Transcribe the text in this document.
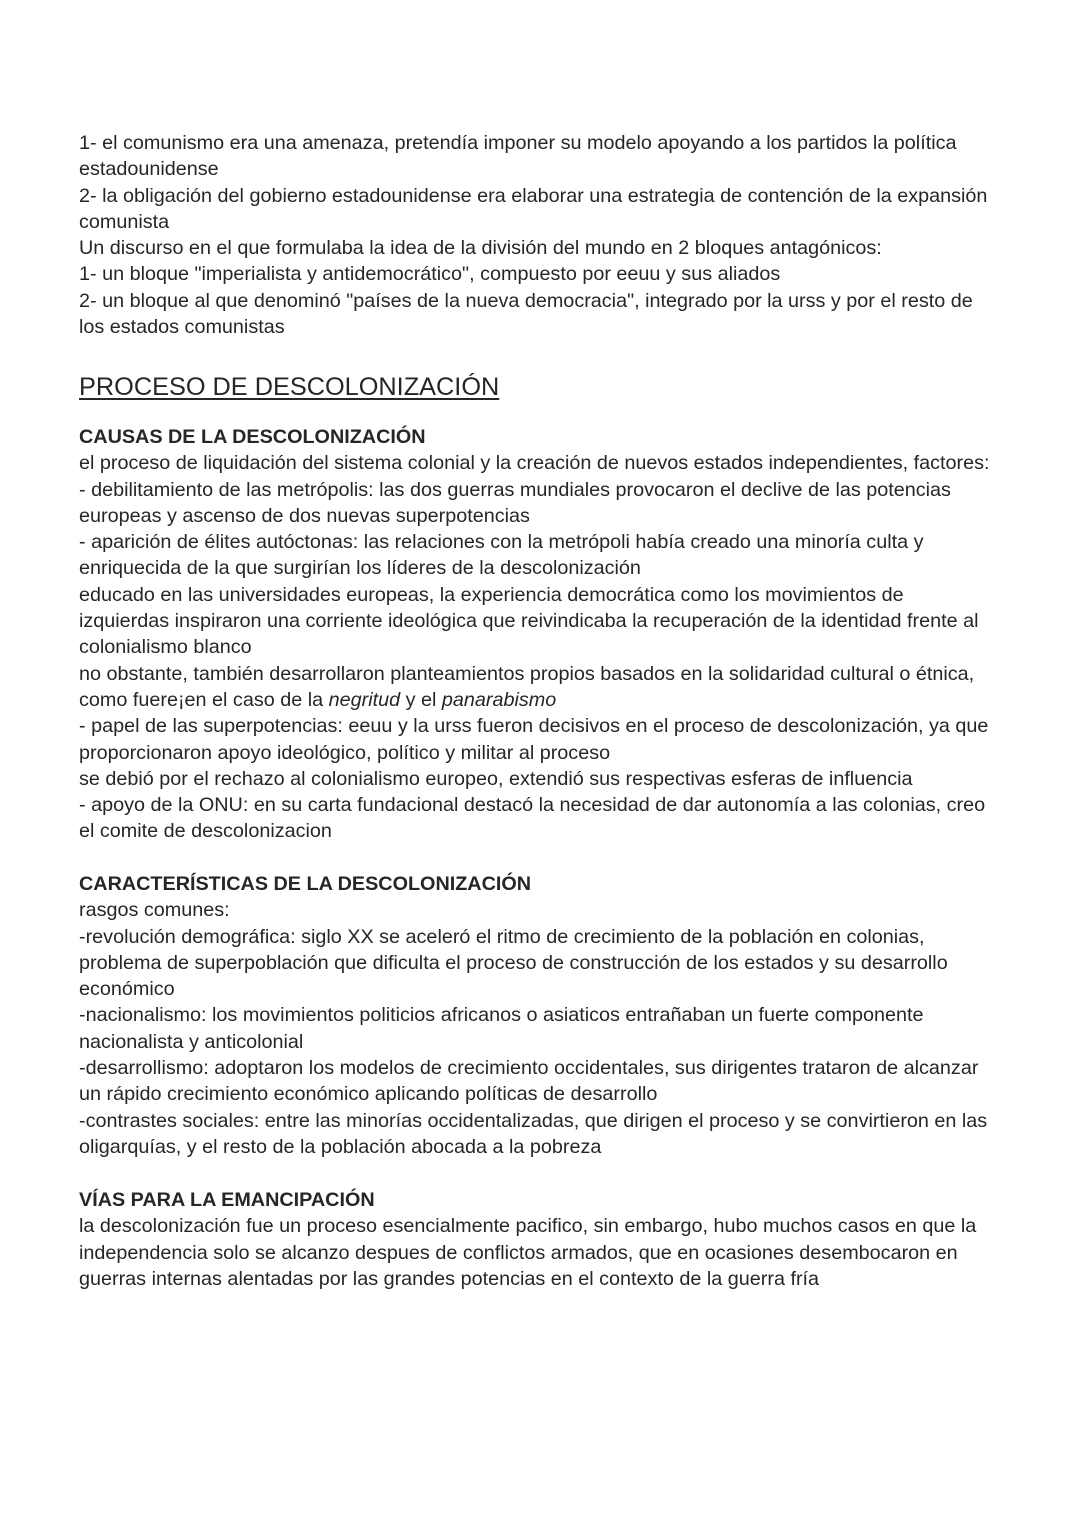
1- el comunismo era una amenaza, pretendía imponer su modelo apoyando a los partidos la política
estadounidense
2- la obligación del gobierno estadounidense era elaborar una estrategia de contención de la expansión
comunista
Un discurso en el que formulaba la idea de la división del mundo en 2 bloques antagónicos:
1- un bloque "imperialista y antidemocrático", compuesto por eeuu y sus aliados
2- un bloque al que denominó "países de la nueva democracia", integrado por la urss y por el resto de
los estados comunistas
PROCESO DE DESCOLONIZACIÓN
CAUSAS DE LA DESCOLONIZACIÓN
el proceso de liquidación del sistema colonial y la creación de nuevos estados independientes, factores:
- debilitamiento de las metrópolis: las dos guerras mundiales provocaron el declive de las potencias
europeas y ascenso de dos nuevas superpotencias
- aparición de élites autóctonas: las relaciones con la metrópoli había creado una minoría culta y
enriquecida de la que surgirían los líderes de la descolonización
educado en las universidades europeas, la experiencia democrática como los movimientos de
izquierdas inspiraron una corriente ideológica que reivindicaba la recuperación de la identidad frente al
colonialismo blanco
no obstante, también desarrollaron planteamientos propios basados en la solidaridad cultural o étnica,
como fuere¡en el caso de la negritud y el panarabismo
- papel de las superpotencias: eeuu y la urss fueron decisivos en el proceso de descolonización, ya que
proporcionaron apoyo ideológico, político y militar al proceso
se debió por el rechazo al colonialismo europeo, extendió sus respectivas esferas de influencia
- apoyo de la ONU: en su carta fundacional destacó la necesidad de dar autonomía a las colonias, creo
el comite de descolonizacion
CARACTERÍSTICAS DE LA DESCOLONIZACIÓN
rasgos comunes:
-revolución demográfica: siglo XX se aceleró el ritmo de crecimiento de la población en colonias,
problema de superpoblación que dificulta el proceso de construcción de los estados y su desarrollo
económico
-nacionalismo: los movimientos politicios africanos o asiaticos entrañaban un fuerte componente
nacionalista y anticolonial
-desarrollismo: adoptaron los modelos de crecimiento occidentales, sus dirigentes trataron de alcanzar
un rápido crecimiento económico aplicando políticas de desarrollo
-contrastes sociales: entre las minorías occidentalizadas, que dirigen el proceso y se convirtieron en las
oligarquías, y el resto de la población abocada a la pobreza
VÍAS PARA LA EMANCIPACIÓN
la descolonización fue un proceso esencialmente pacifico, sin embargo, hubo muchos casos en que la
independencia solo se alcanzo despues de conflictos armados, que en ocasiones desembocaron en
guerras internas alentadas por las grandes potencias en el contexto de la guerra fría
